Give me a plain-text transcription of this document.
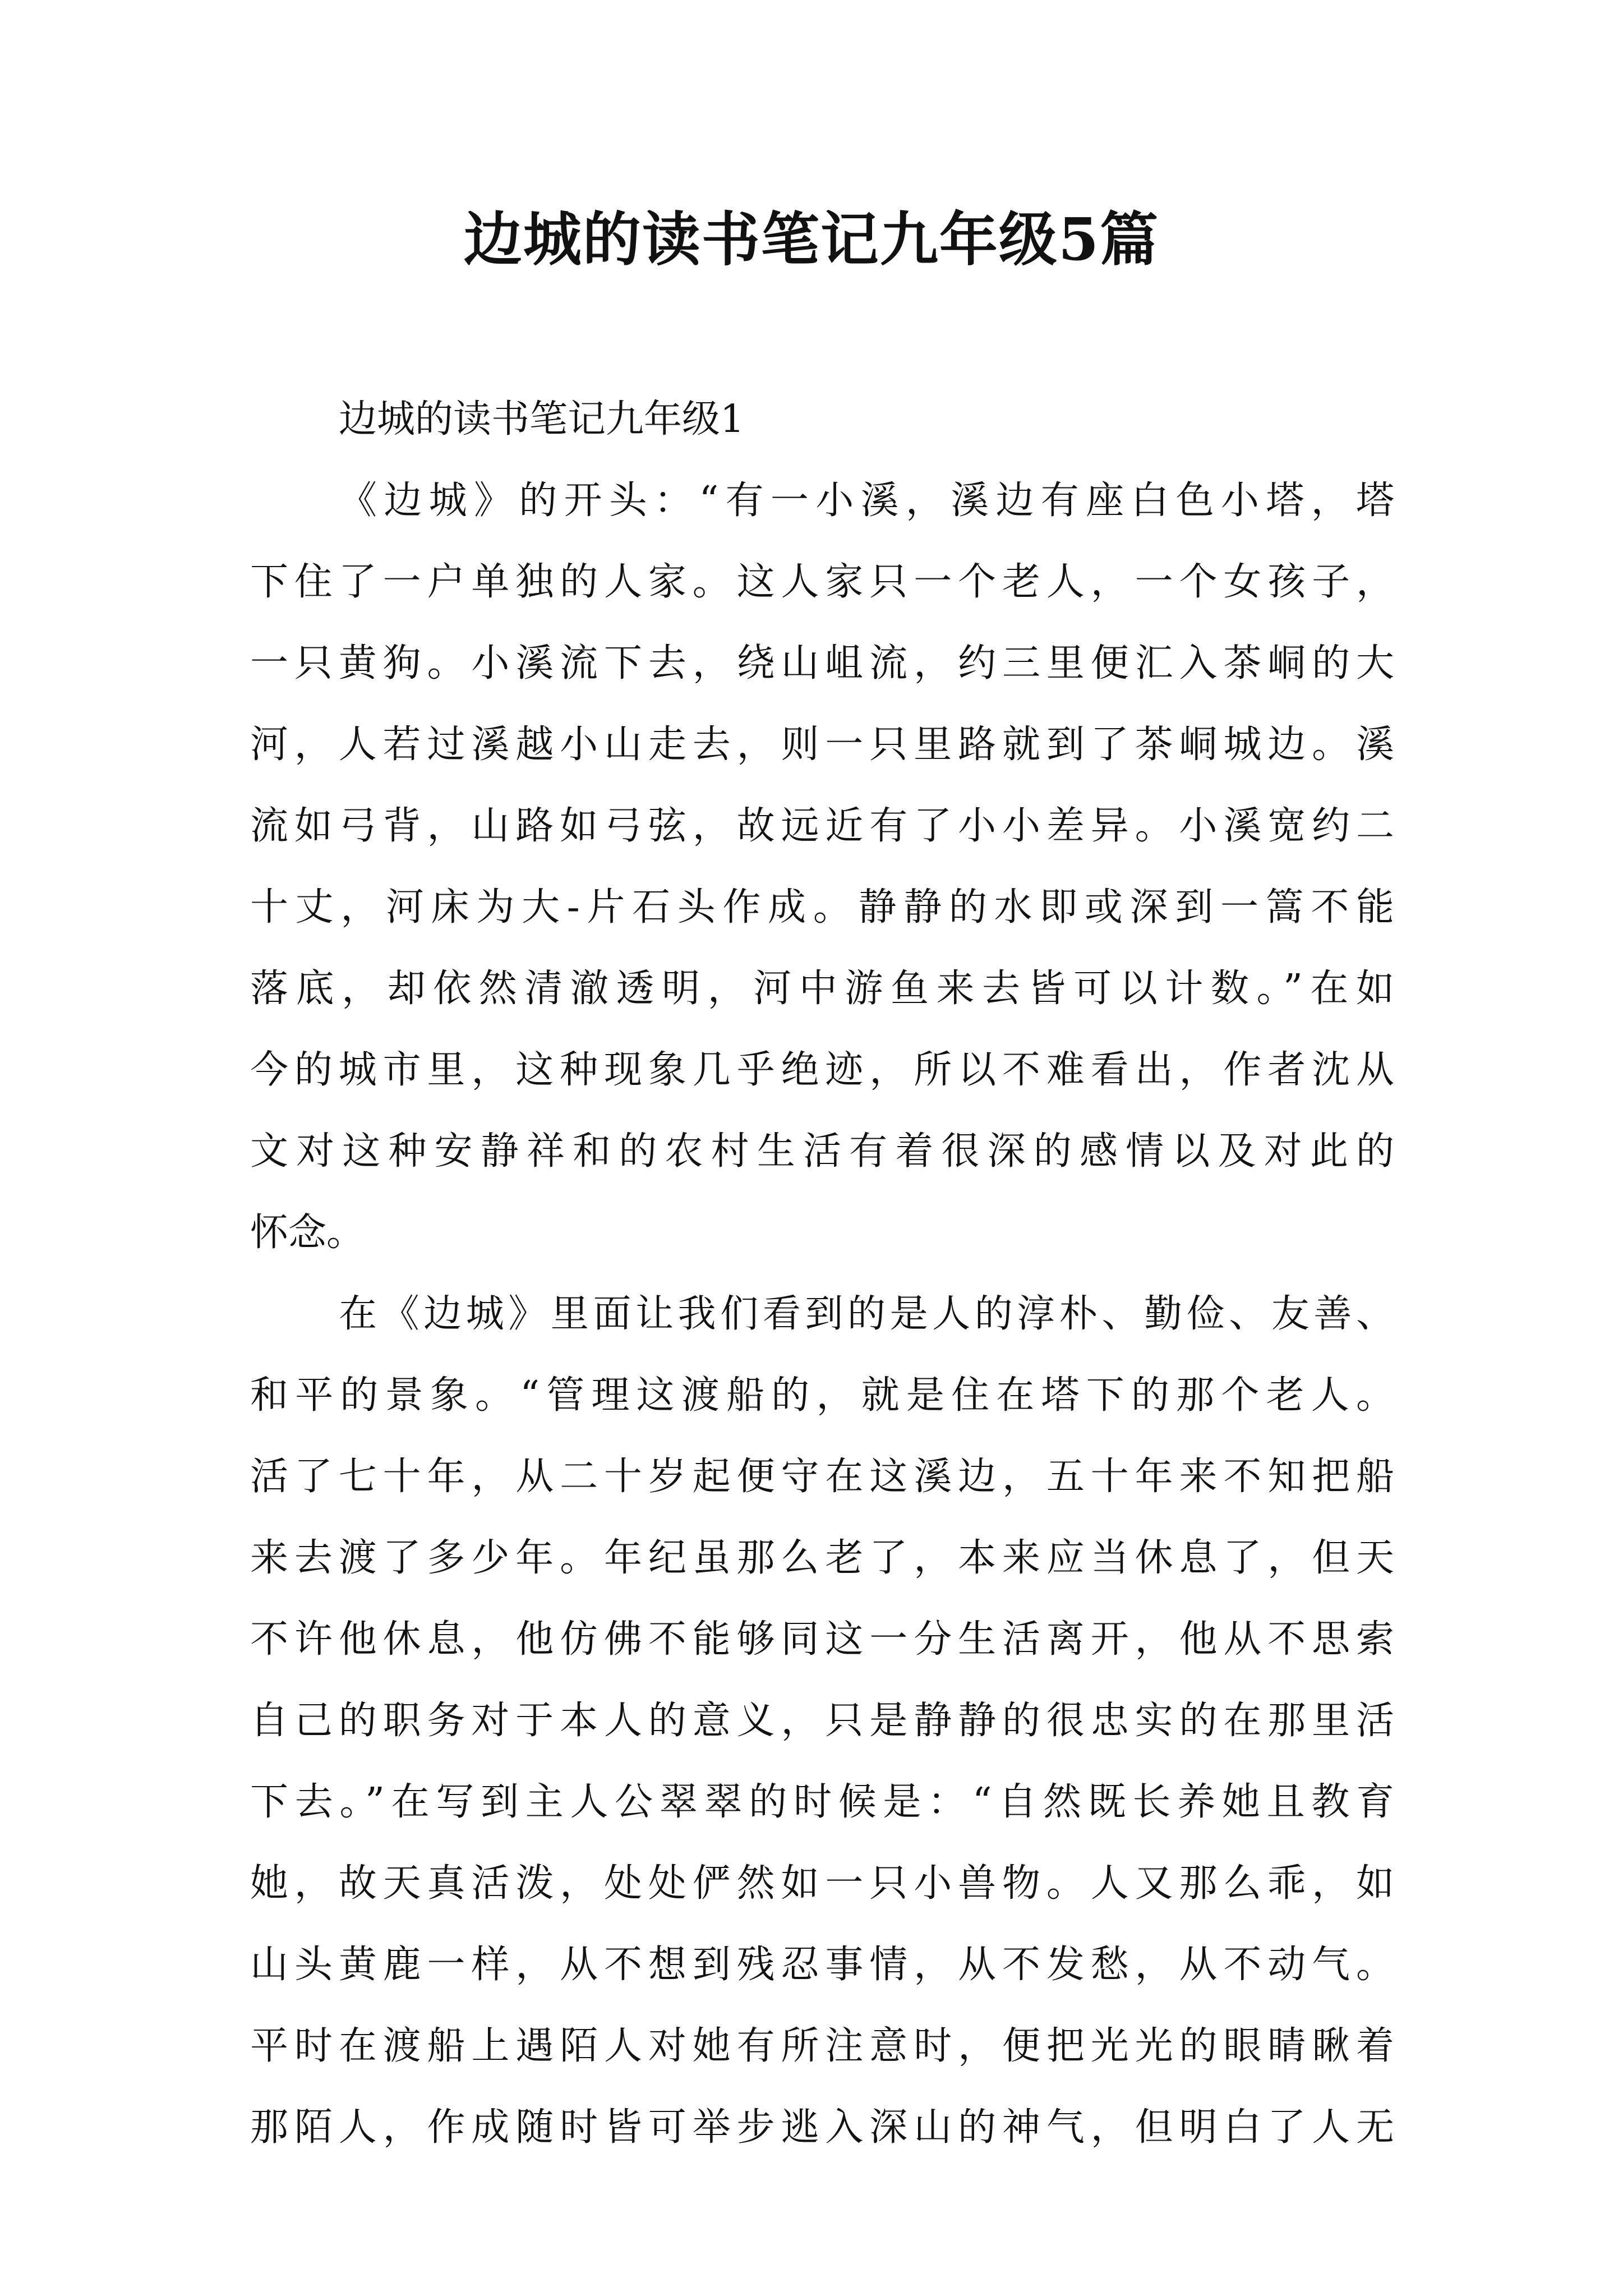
边城的读书笔记九年级5篇
边城的读书笔记九年级1

《边城》的开头：“有一小溪，溪边有座白色小塔，塔
下住了一户单独的人家。这人家只一个老人，一个女孩子，
一只黄狗。小溪流下去，绕山岨流，约三里便汇入茶峒的大
河，人若过溪越小山走去，则一只里路就到了茶峒城边。溪
流如弓背，山路如弓弦，故远近有了小小差异。小溪宽约二
十丈，河床为大-片石头作成。静静的水即或深到一篙不能
落底，却依然清澈透明，河中游鱼来去皆可以计数。”在如
今的城市里，这种现象几乎绝迹，所以不难看出，作者沈从
文对这种安静祥和的农村生活有着很深的感情以及对此的
怀念。

在《边城》里面让我们看到的是人的淳朴、勤俭、友善、
和平的景象。“管理这渡船的，就是住在塔下的那个老人。
活了七十年，从二十岁起便守在这溪边，五十年来不知把船
来去渡了多少年。年纪虽那么老了，本来应当休息了，但天
不许他休息，他仿佛不能够同这一分生活离开，他从不思索
自己的职务对于本人的意义，只是静静的很忠实的在那里活
下去。”在写到主人公翠翠的时候是：“自然既长养她且教育
她，故天真活泼，处处俨然如一只小兽物。人又那么乖，如
山头黄鹿一样，从不想到残忍事情，从不发愁，从不动气。
平时在渡船上遇陌人对她有所注意时，便把光光的眼睛瞅着
那陌人，作成随时皆可举步逃入深山的神气，但明白了人无
